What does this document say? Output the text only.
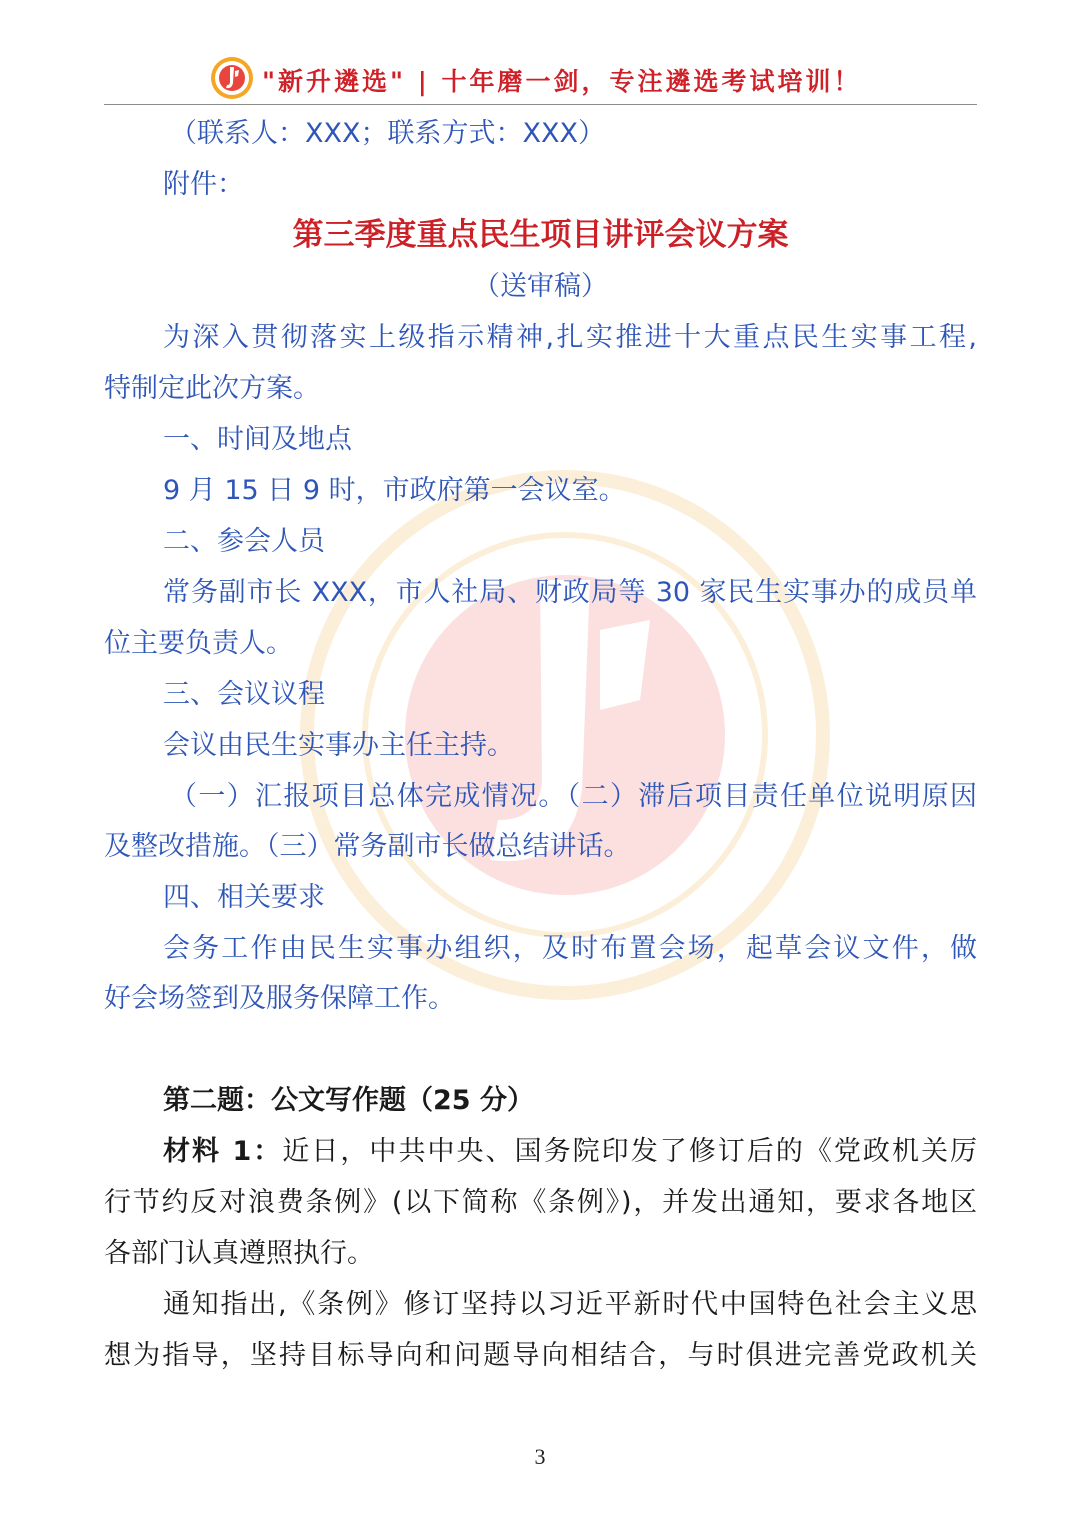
"新升遴选" | 十年磨一剑，专注遴选考试培训！
（联系人：XXX；联系方式：XXX）
附件：
第三季度重点民生项目讲评会议方案
（送审稿）
为深入贯彻落实上级指示精神,扎实推进十大重点民生实事工程,
特制定此次方案。
一、时间及地点
9 月 15 日 9 时，市政府第一会议室。
二、参会人员
常务副市长 XXX，市人社局、财政局等 30 家民生实事办的成员单
位主要负责人。
三、会议议程
会议由民生实事办主任主持。
（一）汇报项目总体完成情况。（二）滞后项目责任单位说明原因
及整改措施。（三）常务副市长做总结讲话。
四、相关要求
会务工作由民生实事办组织，及时布置会场，起草会议文件，做
好会场签到及服务保障工作。
第二题：公文写作题（25 分）
材料 1：近日，中共中央、国务院印发了修订后的《党政机关厉
行节约反对浪费条例》(以下简称《条例》)，并发出通知，要求各地区
各部门认真遵照执行。
通知指出,《条例》修订坚持以习近平新时代中国特色社会主义思
想为指导，坚持目标导向和问题导向相结合，与时俱进完善党政机关
3
